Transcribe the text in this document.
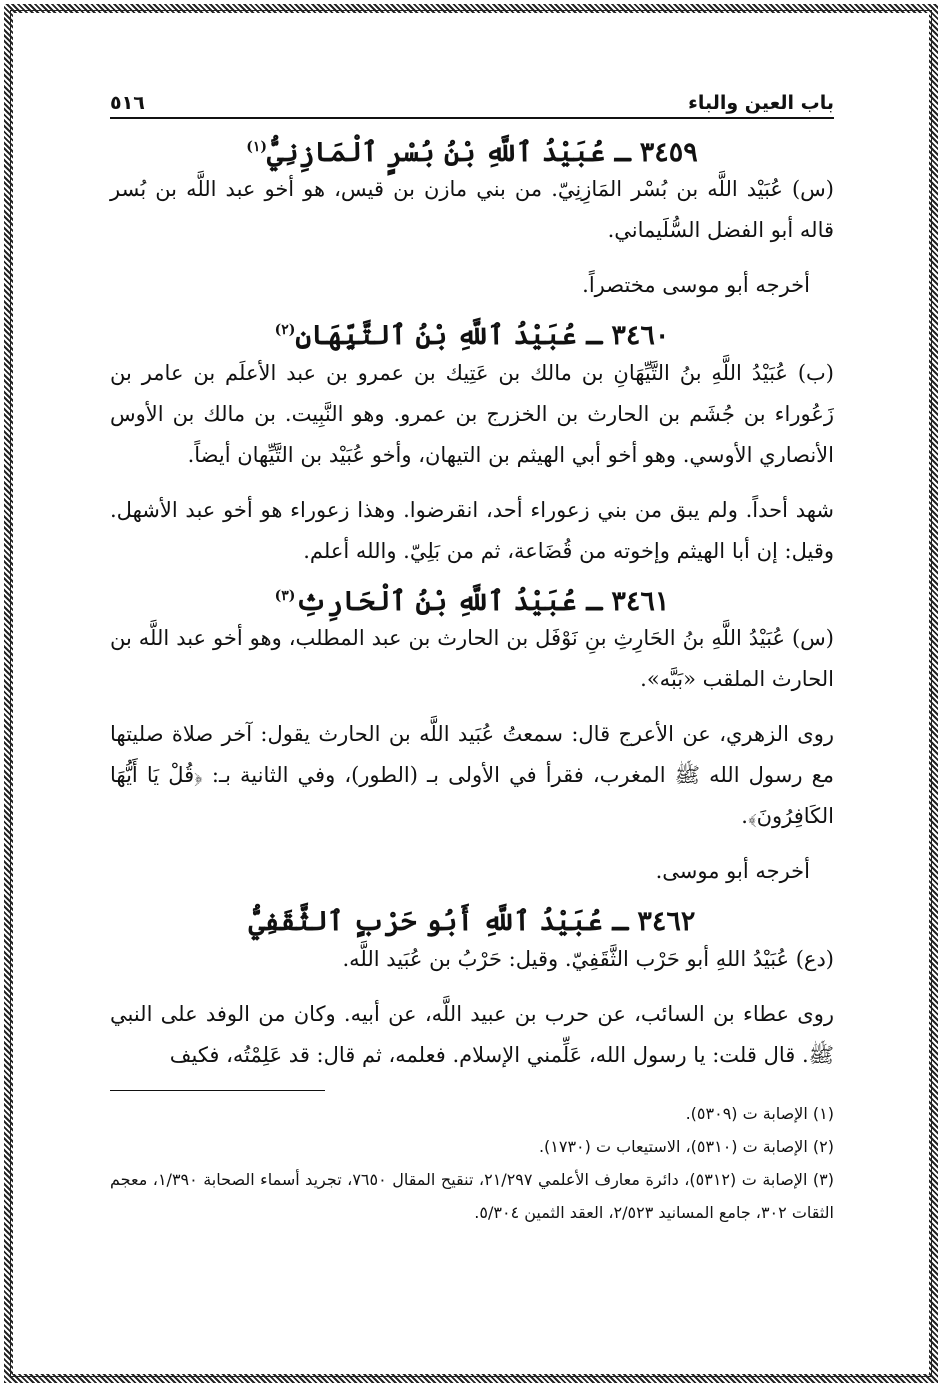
باب العين والباء
٥١٦
٣٤٥٩ ـ عُبَيْدُ ٱللَّهِ بْنُ بُسْرٍ ٱلْمَازِنِيُّ$^{(١)}$

(س) عُبَيْد اللَّه بن بُسْر المَازِنِيّ. من بني مازن بن قيس، هو أخو عبد اللَّه بن بُسر قاله أبو الفضل السُّلَيماني.

أخرجه أبو موسى مختصراً.

٣٤٦٠ ـ عُبَيْدُ ٱللَّهِ بْنُ ٱلتَّيِّهَانِ$^{(٢)}$

(ب) عُبَيْدُ اللَّهِ بنُ التَّيِّهَانِ بن مالك بن عَتِيك بن عمرو بن عبد الأعلَم بن عامر بن زَعُوراء بن جُشَم بن الحارث بن الخزرج بن عمرو. وهو النَّبِيت. بن مالك بن الأوس الأنصاري الأوسي. وهو أخو أبي الهيثم بن التيهان، وأخو عُبَيْد بن التَّيِّهان أيضاً.

شهد أحداً. ولم يبق من بني زعوراء أحد، انقرضوا. وهذا زعوراء هو أخو عبد الأشهل. وقيل: إن أبا الهيثم وإخوته من قُضَاعة، ثم من بَلِيّ. والله أعلم.

٣٤٦١ ـ عُبَيْدُ ٱللَّهِ بْنُ ٱلْحَارِثِ$^{(٣)}$

(س) عُبَيْدُ اللَّهِ بنُ الحَارِثِ بنِ نَوْفَل بن الحارث بن عبد المطلب، وهو أخو عبد اللَّه بن الحارث الملقب «بَبَّه».

روى الزهري، عن الأعرج قال: سمعتُ عُبَيد اللَّه بن الحارث يقول: آخر صلاة صليتها مع رسول الله ﷺ المغرب، فقرأ في الأولى بـ (الطور)، وفي الثانية بـ: ﴿قُلْ يَا أَيُّهَا الكَافِرُونَ﴾.

أخرجه أبو موسى.

٣٤٦٢ ـ عُبَيْدُ ٱللَّهِ أَبُو حَرْبٍ ٱلثَّقَفِيُّ

(دع) عُبَيْدُ اللهِ أبو حَرْب الثَّقَفِيّ. وقيل: حَرْبُ بن عُبَيد اللَّه.

روى عطاء بن السائب، عن حرب بن عبيد اللَّه، عن أبيه. وكان من الوفد على النبي ﷺ. قال قلت: يا رسول الله، عَلِّمني الإسلام. فعلمه، ثم قال: قد عَلِمْتُه، فكيف

(١) الإصابة ت (٥٣٠٩).

(٢) الإصابة ت (٥٣١٠)، الاستيعاب ت (١٧٣٠).

(٣) الإصابة ت (٥٣١٢)، دائرة معارف الأعلمي ٢١/٢٩٧، تنقيح المقال ٧٦٥٠، تجريد أسماء الصحابة ١/٣٩٠، معجم الثقات ٣٠٢، جامع المسانيد ٢/٥٢٣، العقد الثمين ٥/٣٠٤.
